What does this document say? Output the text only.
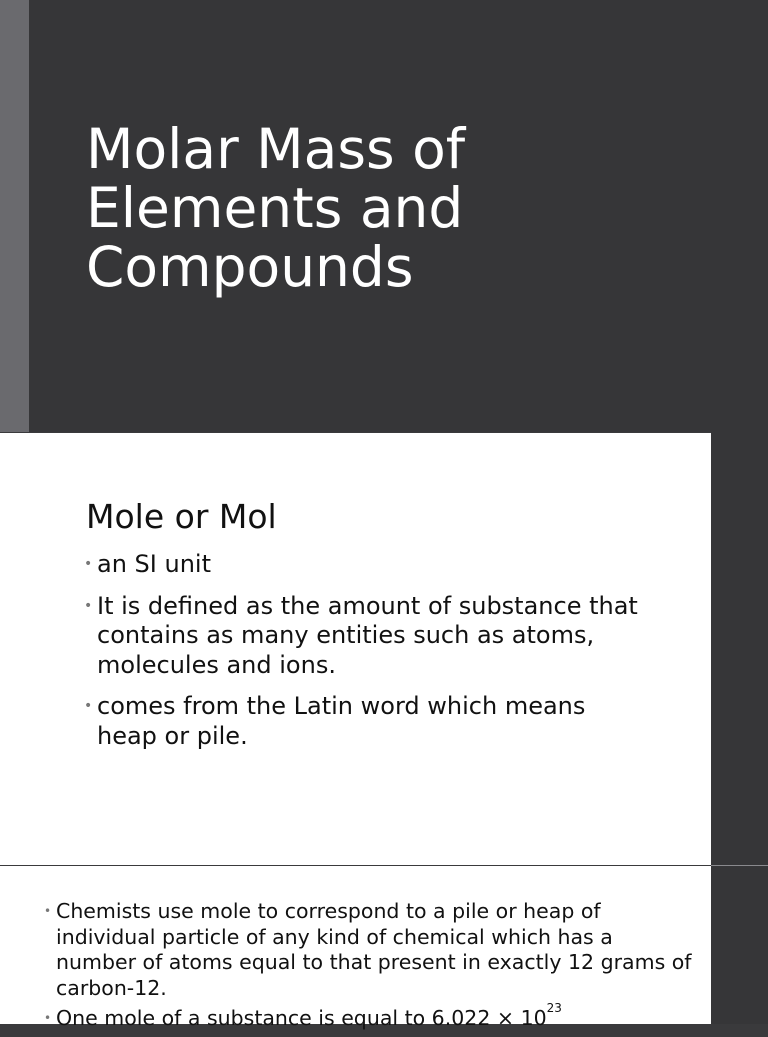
Molar Mass of
Elements and
Compounds
Mole or Mol
• an SI unit
• It is defined as the amount of substance that contains as many entities such as atoms, molecules and ions.
• comes from the Latin word which means heap or pile.
• Chemists use mole to correspond to a pile or heap of individual particle of any kind of chemical which has a number of atoms equal to that present in exactly 12 grams of carbon-12.
• One mole of a substance is equal to $6.022 \times 10^{23}$
